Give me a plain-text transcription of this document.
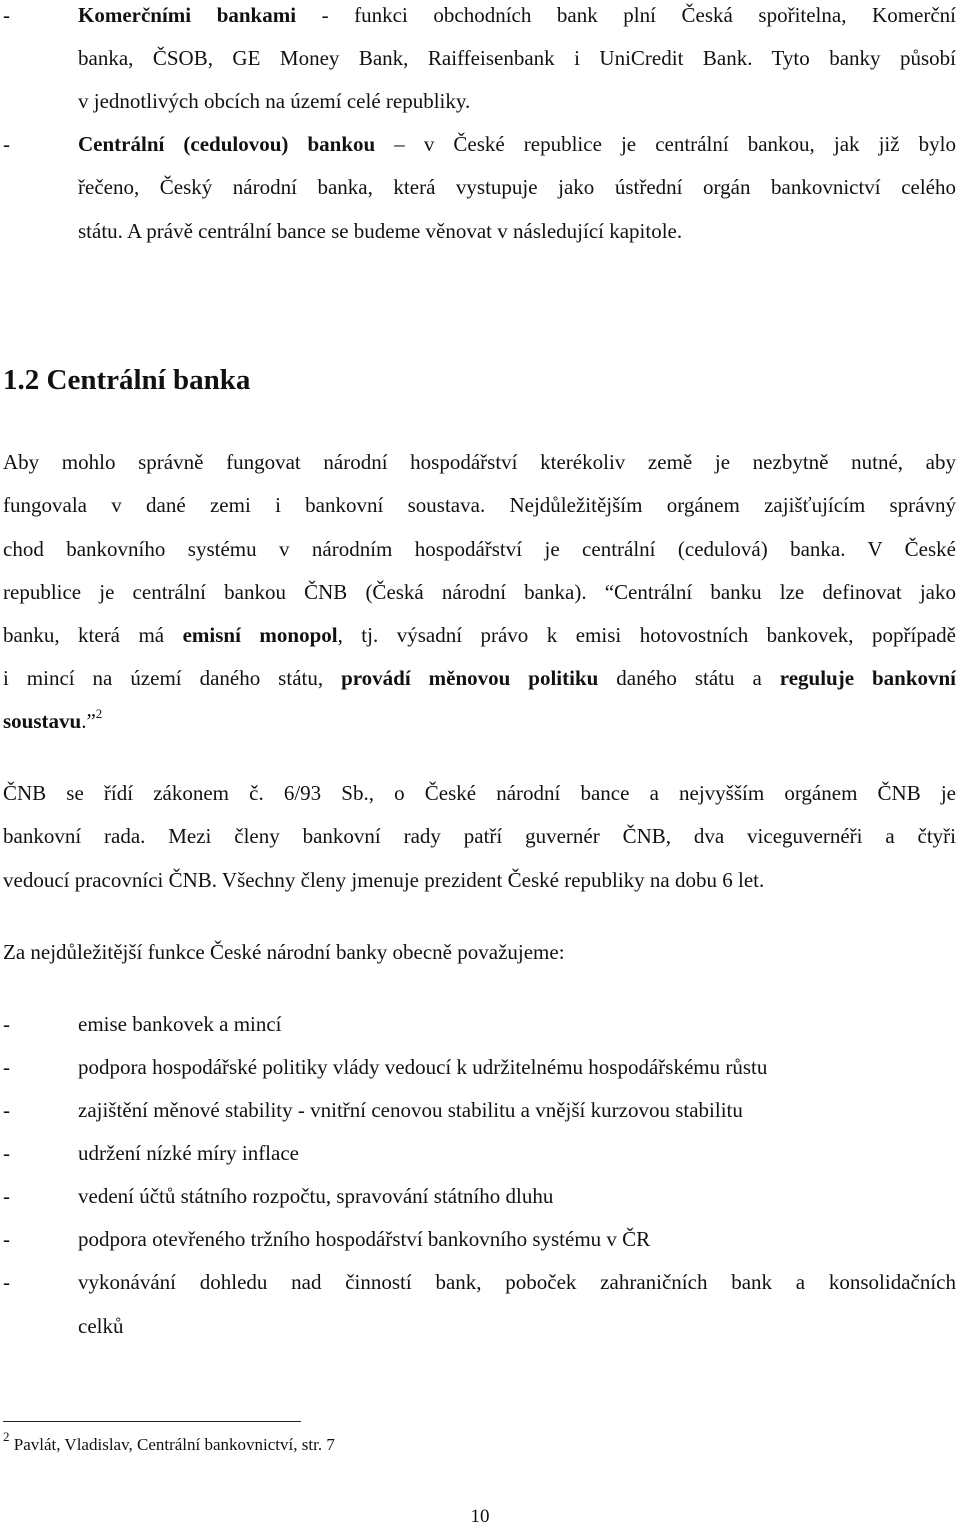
-	Komerčními bankami - funkci obchodních bank plní Česká spořitelna, Komerční
banka, ČSOB, GE Money Bank, Raiffeisenbank i UniCredit Bank. Tyto banky působí
v jednotlivých obcích na území celé republiky.
-	Centrální (cedulovou) bankou – v České republice je centrální bankou, jak již bylo
řečeno, Český národní banka, která vystupuje jako ústřední orgán bankovnictví celého
státu. A právě centrální bance se budeme věnovat v následující kapitole.
1.2 Centrální banka
Aby mohlo správně fungovat národní hospodářství kterékoliv země je nezbytně nutné, aby
fungovala v dané zemi i bankovní soustava. Nejdůležitějším orgánem zajišťujícím správný
chod bankovního systému v národním hospodářství je centrální (cedulová) banka. V České
republice je centrální bankou ČNB (Česká národní banka). “Centrální banku lze definovat jako
banku, která má emisní monopol, tj. výsadní právo k emisi hotovostních bankovek, popřípadě
i mincí na území daného státu, provádí měnovou politiku daného státu a reguluje bankovní
soustavu.”$^2$
ČNB se řídí zákonem č. 6/93 Sb., o České národní bance a nejvyšším orgánem ČNB je
bankovní rada. Mezi členy bankovní rady patří guvernér ČNB, dva viceguvernéři a čtyři
vedoucí pracovníci ČNB. Všechny členy jmenuje prezident České republiky na dobu 6 let.
Za nejdůležitější funkce České národní banky obecně považujeme:
-	emise bankovek a mincí
-	podpora hospodářské politiky vlády vedoucí k udržitelnému hospodářskému růstu
-	zajištění měnové stability - vnitřní cenovou stabilitu a vnější kurzovou stabilitu
-	udržení nízké míry inflace
-	vedení účtů státního rozpočtu, spravování státního dluhu
-	podpora otevřeného tržního hospodářství bankovního systému v ČR
-	vykonávání dohledu nad činností bank, poboček zahraničních bank a konsolidačních
celků
$^2$ Pavlát, Vladislav, Centrální bankovnictví, str. 7
10
